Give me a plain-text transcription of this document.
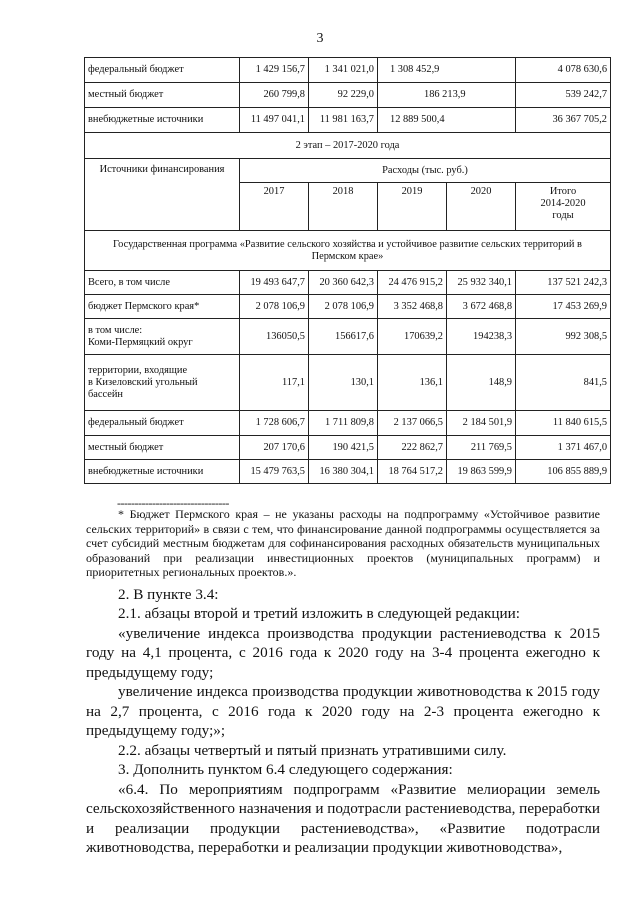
3
федеральный бюджет	1 429 156,7	1 341 021,0	1 308 452,9		4 078 630,6
местный бюджет	260 799,8	92 229,0	186 213,9		539 242,7
внебюджетные источники	11 497 041,1	11 981 163,7	12 889 500,4		36 367 705,2
2 этап – 2017-2020 года					
Источники финансирования	Расходы (тыс. руб.)				
	2017	2018	2019	2020	Итого
2014-2020
годы
Государственная программа «Развитие сельского хозяйства и устойчивое развитие сельских территорий в Пермском крае»					
Всего, в том числе	19 493 647,7	20 360 642,3	24 476 915,2	25 932 340,1	137 521 242,3
бюджет Пермского края*	2 078 106,9	2 078 106,9	3 352 468,8	3 672 468,8	17 453 269,9
в том числе:
Коми-Пермяцкий округ	136050,5	156617,6	170639,2	194238,3	992 308,5
территории, входящие
в Кизеловский угольный
бассейн	117,1	130,1	136,1	148,9	841,5
федеральный бюджет	1 728 606,7	1 711 809,8	2 137 066,5	2 184 501,9	11 840 615,5
местный бюджет	207 170,6	190 421,5	222 862,7	211 769,5	1 371 467,0
внебюджетные источники	15 479 763,5	16 380 304,1	18 764 517,2	19 863 599,9	106 855 889,9
--------------------------------

* Бюджет Пермского края – не указаны расходы на подпрограмму «Устойчивое развитие сельских территорий» в связи с тем, что финансирование данной подпрограммы осуществляется за счет субсидий местным бюджетам для софинансирования расходных обязательств муниципальных образований при реализации инвестиционных проектов (муниципальных программ) и приоритетных региональных проектов.».

2. В пункте 3.4:

2.1. абзацы второй и третий изложить в следующей редакции:

«увеличение индекса производства продукции растениеводства к 2015 году на 4,1 процента, с 2016 года к 2020 году на 3-4 процента ежегодно к предыдущему году;

увеличение индекса производства продукции животноводства к 2015 году на 2,7 процента, с 2016 года к 2020 году на 2-3 процента ежегодно к предыдущему году;»;

2.2. абзацы четвертый и пятый признать утратившими силу.

3. Дополнить пунктом 6.4 следующего содержания:

«6.4. По мероприятиям подпрограмм «Развитие мелиорации земель сельскохозяйственного назначения и подотрасли растениеводства, переработки и реализации продукции растениеводства», «Развитие подотрасли животноводства, переработки и реализации продукции животноводства»,
